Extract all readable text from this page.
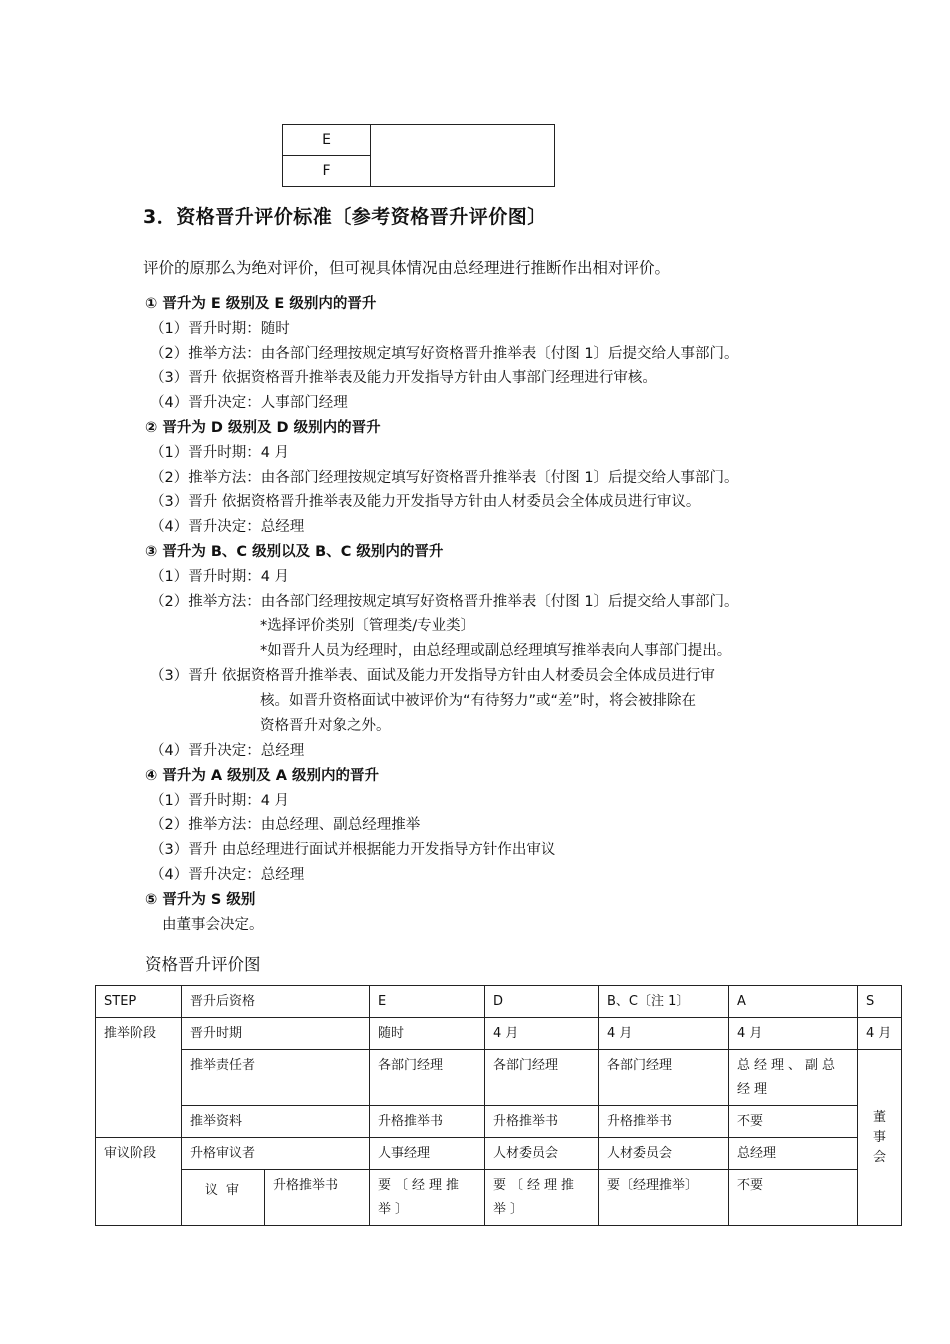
E	
F
3．资格晋升评价标准〔参考资格晋升评价图〕
评价的原那么为绝对评价，但可视具体情况由总经理进行推断作出相对评价。
① 晋升为 E 级别及 E 级别内的晋升
（1）晋升时期：随时
（2）推举方法：由各部门经理按规定填写好资格晋升推举表〔付图 1〕后提交给人事部门。
（3）晋升 依据资格晋升推举表及能力开发指导方针由人事部门经理进行审核。
（4）晋升决定：人事部门经理
② 晋升为 D 级别及 D 级别内的晋升
（1）晋升时期：4 月
（2）推举方法：由各部门经理按规定填写好资格晋升推举表〔付图 1〕后提交给人事部门。
（3）晋升 依据资格晋升推举表及能力开发指导方针由人材委员会全体成员进行审议。
（4）晋升决定：总经理
③ 晋升为 B、C 级别以及 B、C 级别内的晋升
（1）晋升时期：4 月
（2）推举方法：由各部门经理按规定填写好资格晋升推举表〔付图 1〕后提交给人事部门。
*选择评价类别〔管理类/专业类〕
*如晋升人员为经理时，由总经理或副总经理填写推举表向人事部门提出。
（3）晋升 依据资格晋升推举表、面试及能力开发指导方针由人材委员会全体成员进行审
核。如晋升资格面试中被评价为“有待努力”或“差”时，将会被排除在
资格晋升对象之外。
（4）晋升决定：总经理
④ 晋升为 A 级别及 A 级别内的晋升
（1）晋升时期：4 月
（2）推举方法：由总经理、副总经理推举
（3）晋升 由总经理进行面试并根据能力开发指导方针作出审议
（4）晋升决定：总经理
⑤ 晋升为 S 级别
由董事会决定。
资格晋升评价图
STEP	晋升后资格		E	D	B、C〔注 1〕	A	S
推举阶段	晋升时期		随时	4 月	4 月	4 月	4 月
	推举责任者		各部门经理	各部门经理	各部门经理	总经理、副总经理	董事会
	推举资料		升格推举书	升格推举书	升格推举书	不要	
审议阶段	升格审议者		人事经理	人材委员会	人材委员会	总经理	
	议 审	升格推举书	要〔经理推举〕	要〔经理推举〕	要〔经理推举〕	不要	
